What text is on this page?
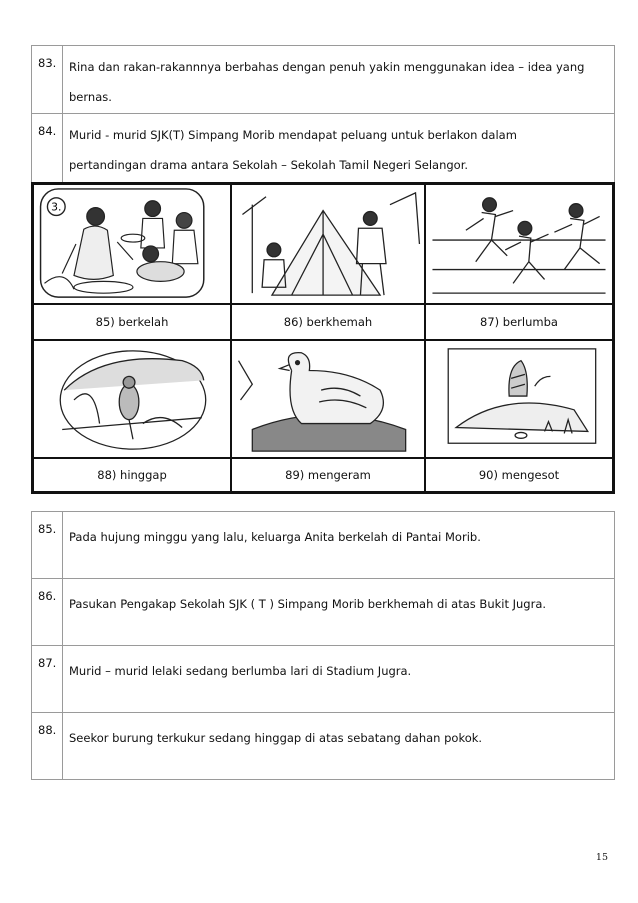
83.	Rina dan rakan-rakannnya berbahas dengan penuh yakin menggunakan idea – idea yang
bernas.

84.	Murid - murid SJK(T) Simpang Morib mendapat peluang untuk berlakon dalam
pertandingan drama antara Sekolah – Sekolah Tamil Negeri Selangor.
3.
85) berkelah	86) berkhemah	87) berlumba
88) hinggap	89) mengeram	90) mengesot
85.	Pada hujung minggu yang lalu, keluarga Anita berkelah di Pantai Morib.
86.	Pasukan Pengakap Sekolah SJK ( T ) Simpang Morib berkhemah di atas Bukit Jugra.
87.	Murid – murid lelaki sedang berlumba lari di Stadium Jugra.
88.	Seekor burung terkukur sedang hinggap di atas sebatang dahan pokok.
15
